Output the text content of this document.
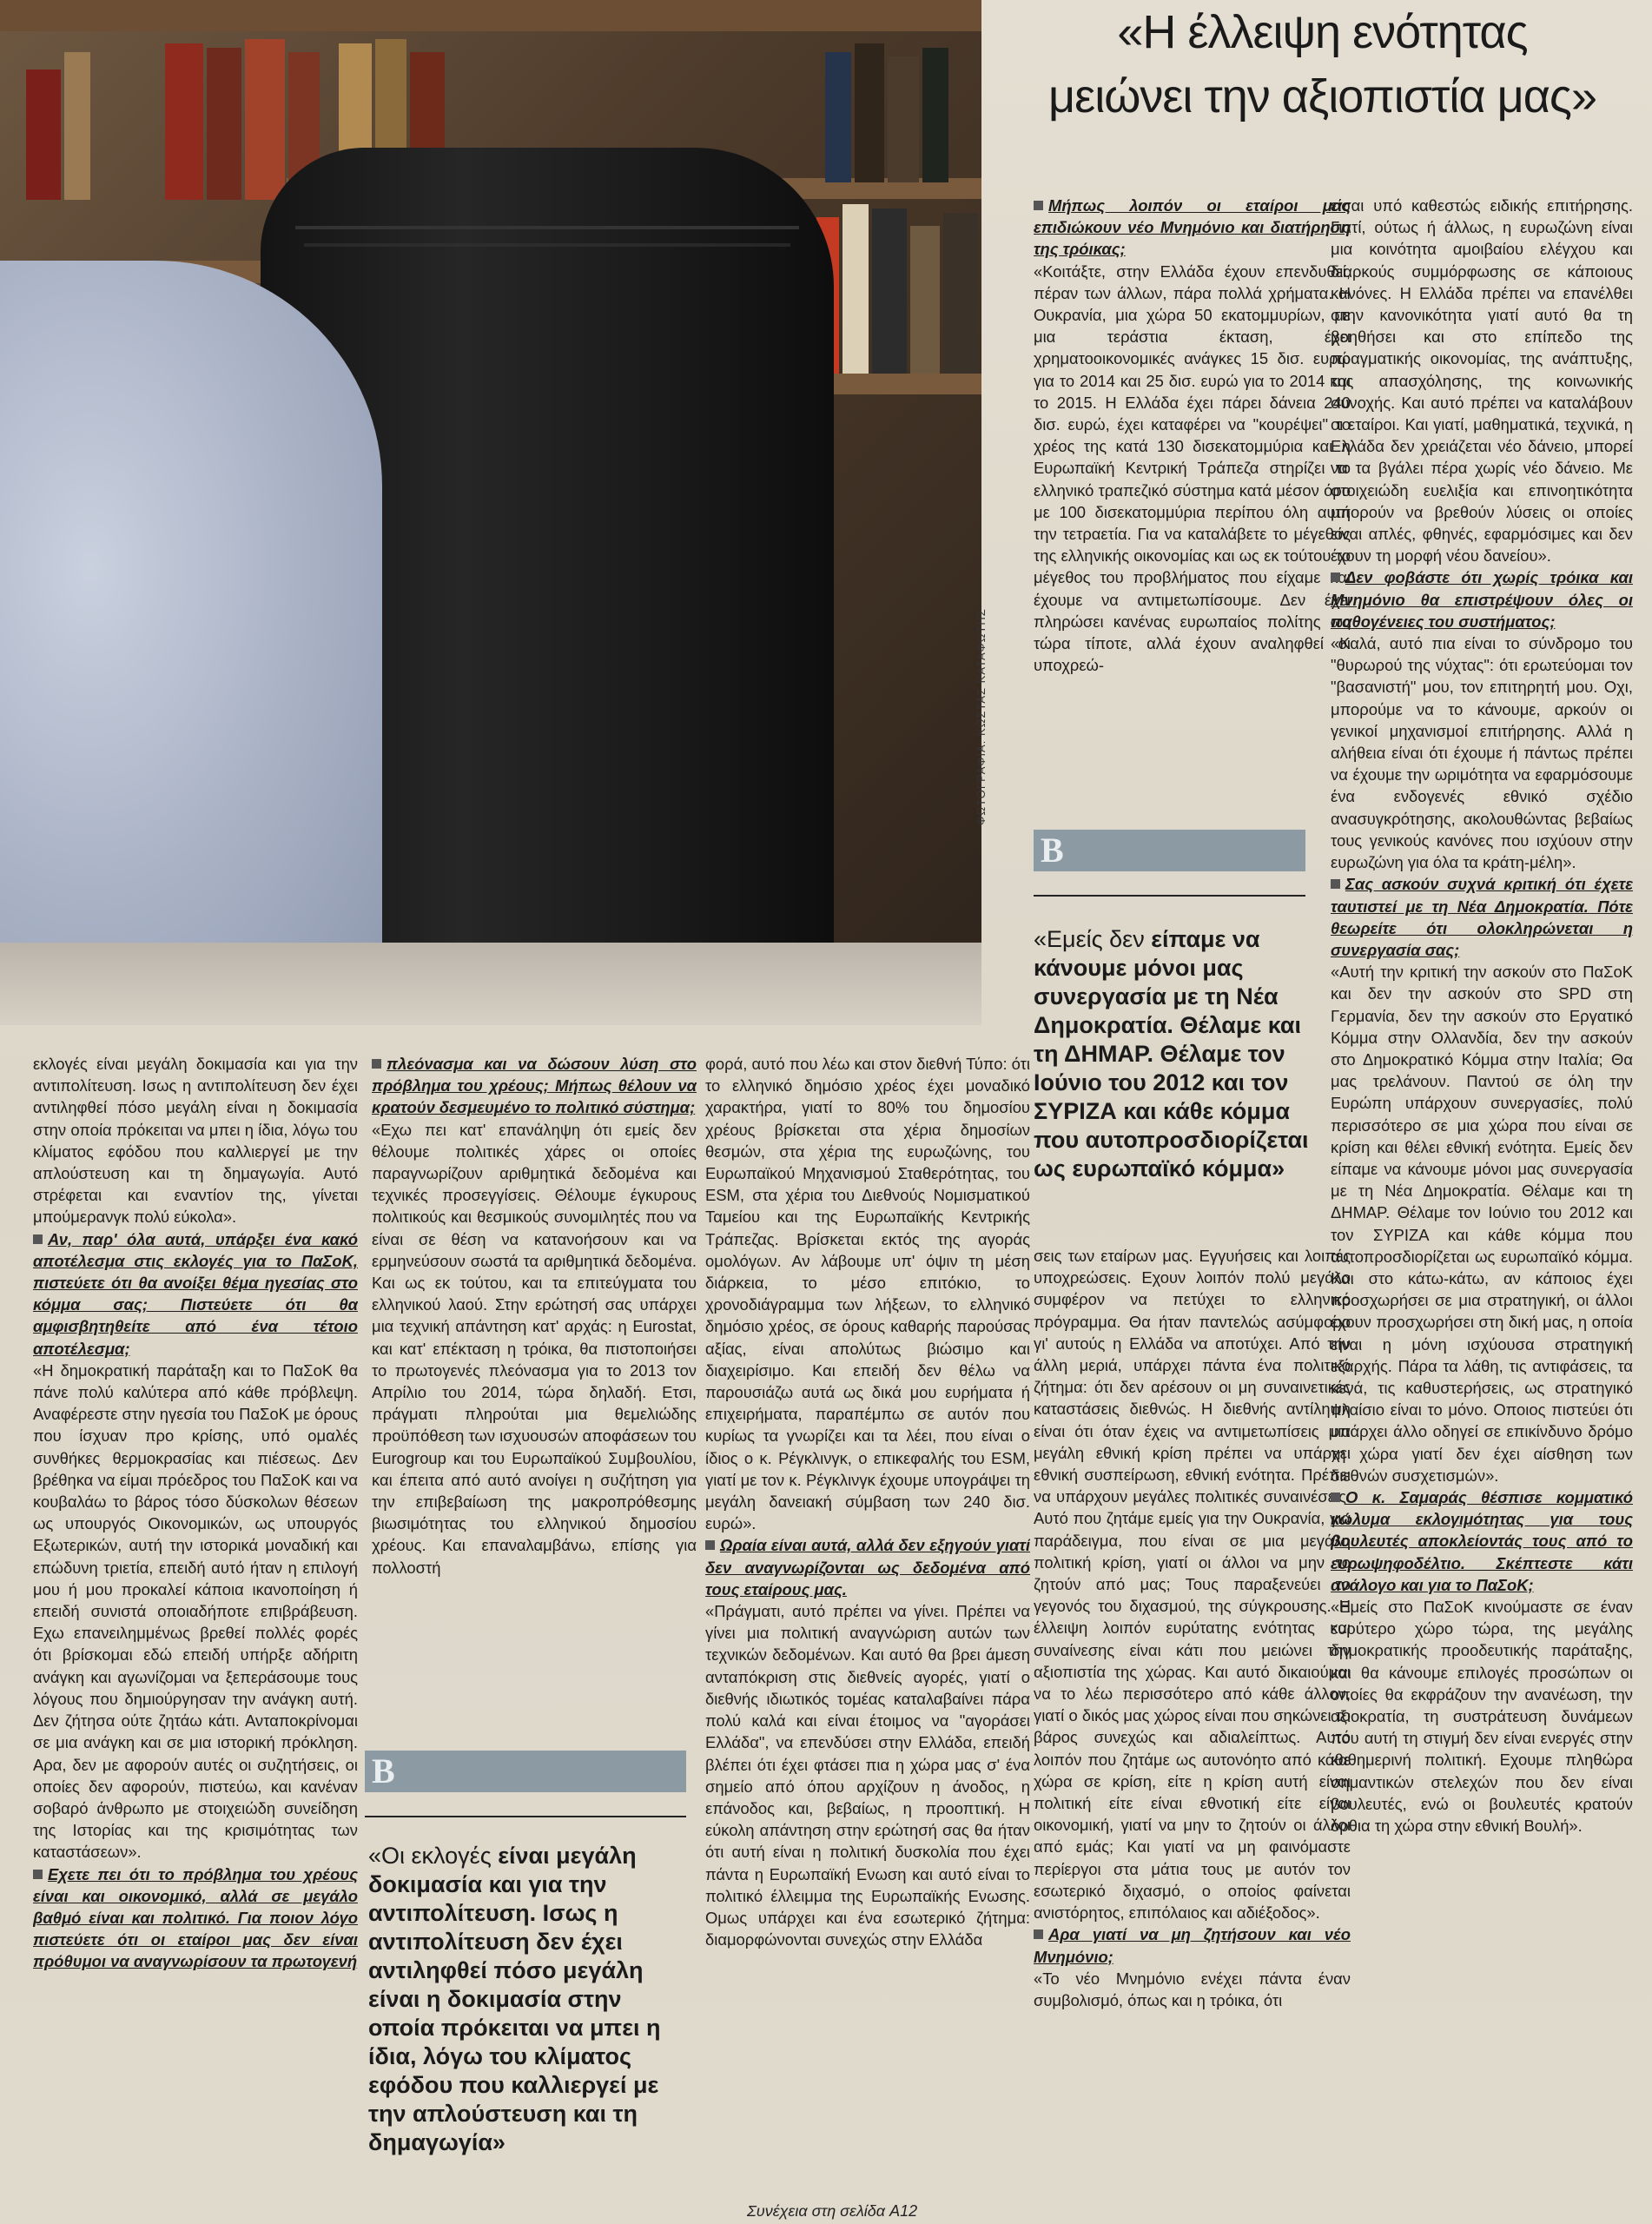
ΦΩΤΟΓΡΑΦΙΑ: ΚΩΣΤΑΣ ΚΑΤΑΦΩΤΗΣ
«Η έλλειψη ενότητας
μειώνει την αξιοπιστία μας»

εκλογές είναι μεγάλη δοκιμασία και για την αντιπολίτευση. Ισως η αντιπολίτευση δεν έχει αντιληφθεί πόσο μεγάλη είναι η δοκιμασία στην οποία πρόκειται να μπει η ίδια, λόγω του κλίματος εφόδου που καλλιεργεί με την απλούστευση και τη δημαγωγία. Αυτό στρέφεται και εναντίον της, γίνεται μπούμερανγκ πολύ εύκολα».

Αν, παρ' όλα αυτά, υπάρξει ένα κακό αποτέλεσμα στις εκλογές για το ΠαΣοΚ, πιστεύετε ότι θα ανοίξει θέμα ηγεσίας στο κόμμα σας; Πιστεύετε ότι θα αμφισβητηθείτε από ένα τέτοιο αποτέλεσμα;

«Η δημοκρατική παράταξη και το ΠαΣοΚ θα πάνε πολύ καλύτερα από κάθε πρόβλεψη. Αναφέρεστε στην ηγεσία του ΠαΣοΚ με όρους που ίσχυαν προ κρίσης, υπό ομαλές συνθήκες θερμοκρασίας και πιέσεως. Δεν βρέθηκα να είμαι πρόεδρος του ΠαΣοΚ και να κουβαλάω το βάρος τόσο δύσκολων θέσεων ως υπουργός Οικονομικών, ως υπουργός Εξωτερικών, αυτή την ιστορικά μοναδική και επώδυνη τριετία, επειδή αυτό ήταν η επιλογή μου ή μου προκαλεί κάποια ικανοποίηση ή επειδή συνιστά οποιαδήποτε επιβράβευση. Εχω επανειλημμένως βρεθεί πολλές φορές ότι βρίσκομαι εδώ επειδή υπήρξε αδήριτη ανάγκη και αγωνίζομαι να ξεπεράσουμε τους λόγους που δημιούργησαν την ανάγκη αυτή. Δεν ζήτησα ούτε ζητάω κάτι. Ανταποκρίνομαι σε μια ανάγκη και σε μια ιστορική πρόκληση. Αρα, δεν με αφορούν αυτές οι συζητήσεις, οι οποίες δεν αφορούν, πιστεύω, και κανέναν σοβαρό άνθρωπο με στοιχειώδη συνείδηση της Ιστορίας και της κρισιμότητας των καταστάσεων».

Εχετε πει ότι το πρόβλημα του χρέους είναι και οικονομικό, αλλά σε μεγάλο βαθμό είναι και πολιτικό. Για ποιον λόγο πιστεύετε ότι οι εταίροι μας δεν είναι πρόθυμοι να αναγνωρίσουν τα πρωτογενή

πλεόνασμα και να δώσουν λύση στο πρόβλημα του χρέους; Μήπως θέλουν να κρατούν δεσμευμένο το πολιτικό σύστημα;

«Εχω πει κατ' επανάληψη ότι εμείς δεν θέλουμε πολιτικές χάρες οι οποίες παραγνωρίζουν αριθμητικά δεδομένα και τεχνικές προσεγγίσεις. Θέλουμε έγκυρους πολιτικούς και θεσμικούς συνομιλητές που να είναι σε θέση να κατανοήσουν και να ερμηνεύσουν σωστά τα αριθμητικά δεδομένα. Και ως εκ τούτου, και τα επιτεύγματα του ελληνικού λαού. Στην ερώτησή σας υπάρχει μια τεχνική απάντηση κατ' αρχάς: η Eurostat, και κατ' επέκταση η τρόικα, θα πιστοποιήσει το πρωτογενές πλεόνασμα για το 2013 τον Απρίλιο του 2014, τώρα δηλαδή. Ετσι, πράγματι πληρούται μια θεμελιώδης προϋπόθεση των ισχυουσών αποφάσεων του Eurogroup και του Ευρωπαϊκού Συμβουλίου, και έπειτα από αυτό ανοίγει η συζήτηση για την επιβεβαίωση της μακροπρόθεσμης βιωσιμότητας του ελληνικού δημοσίου χρέους. Και επαναλαμβάνω, επίσης για πολλοστή

φορά, αυτό που λέω και στον διεθνή Τύπο: ότι το ελληνικό δημόσιο χρέος έχει μοναδικό χαρακτήρα, γιατί το 80% του δημοσίου χρέους βρίσκεται στα χέρια δημοσίων θεσμών, στα χέρια της ευρωζώνης, του Ευρωπαϊκού Μηχανισμού Σταθερότητας, του ESM, στα χέρια του Διεθνούς Νομισματικού Ταμείου και της Ευρωπαϊκής Κεντρικής Τράπεζας. Βρίσκεται εκτός της αγοράς ομολόγων. Αν λάβουμε υπ' όψιν τη μέση διάρκεια, το μέσο επιτόκιο, το χρονοδιάγραμμα των λήξεων, το ελληνικό δημόσιο χρέος, σε όρους καθαρής παρούσας αξίας, είναι απολύτως βιώσιμο και διαχειρίσιμο. Και επειδή δεν θέλω να παρουσιάζω αυτά ως δικά μου ευρήματα ή επιχειρήματα, παραπέμπω σε αυτόν που κυρίως τα γνωρίζει και τα λέει, που είναι ο ίδιος ο κ. Ρέγκλινγκ, ο επικεφαλής του ESM, γιατί με τον κ. Ρέγκλινγκ έχουμε υπογράψει τη μεγάλη δανειακή σύμβαση των 240 δισ. ευρώ».

Ωραία είναι αυτά, αλλά δεν εξηγούν γιατί δεν αναγνωρίζονται ως δεδομένα από τους εταίρους μας.

«Πράγματι, αυτό πρέπει να γίνει. Πρέπει να γίνει μια πολιτική αναγνώριση αυτών των τεχνικών δεδομένων. Και αυτό θα βρει άμεση ανταπόκριση στις διεθνείς αγορές, γιατί ο διεθνής ιδιωτικός τομέας καταλαβαίνει πάρα πολύ καλά και είναι έτοιμος να "αγοράσει Ελλάδα", να επενδύσει στην Ελλάδα, επειδή βλέπει ότι έχει φτάσει πια η χώρα μας σ' ένα σημείο από όπου αρχίζουν η άνοδος, η επάνοδος και, βεβαίως, η προοπτική. Η εύκολη απάντηση στην ερώτησή σας θα ήταν ότι αυτή είναι η πολιτική δυσκολία που έχει πάντα η Ευρωπαϊκή Ενωση και αυτό είναι το πολιτικό έλλειμμα της Ευρωπαϊκής Ενωσης. Ομως υπάρχει και ένα εσωτερικό ζήτημα: διαμορφώνονται συνεχώς στην Ελλάδα

Μήπως λοιπόν οι εταίροι μας επιδιώκουν νέο Μνημόνιο και διατήρηση της τρόικας;

«Κοιτάξτε, στην Ελλάδα έχουν επενδυθεί, πέραν των άλλων, πάρα πολλά χρήματα. Η Ουκρανία, μια χώρα 50 εκατομμυρίων, με μια τεράστια έκταση, έχει χρηματοοικονομικές ανάγκες 15 δισ. ευρώ για το 2014 και 25 δισ. ευρώ για το 2014 και το 2015. Η Ελλάδα έχει πάρει δάνεια 240 δισ. ευρώ, έχει καταφέρει να "κουρέψει" το χρέος της κατά 130 δισεκατομμύρια και η Ευρωπαϊκή Κεντρική Τράπεζα στηρίζει το ελληνικό τραπεζικό σύστημα κατά μέσον όρο με 100 δισεκατομμύρια περίπου όλη αυτή την τετραετία. Για να καταλάβετε το μέγεθος της ελληνικής οικονομίας και ως εκ τούτου το μέγεθος του προβλήματος που είχαμε και έχουμε να αντιμετωπίσουμε. Δεν έχει πληρώσει κανένας ευρωπαίος πολίτης ως τώρα τίποτε, αλλά έχουν αναληφθεί οι υποχρεώ-

σεις των εταίρων μας. Εγγυήσεις και λοιπές υποχρεώσεις. Εχουν λοιπόν πολύ μεγάλο συμφέρον να πετύχει το ελληνικό πρόγραμμα. Θα ήταν παντελώς ασύμφορο γι' αυτούς η Ελλάδα να αποτύχει. Από την άλλη μεριά, υπάρχει πάντα ένα πολιτικό ζήτημα: ότι δεν αρέσουν οι μη συναινετικές καταστάσεις διεθνώς. Η διεθνής αντίληψη είναι ότι όταν έχεις να αντιμετωπίσεις μια μεγάλη εθνική κρίση πρέπει να υπάρχει εθνική συσπείρωση, εθνική ενότητα. Πρέπει να υπάρχουν μεγάλες πολιτικές συναινέσεις. Αυτό που ζητάμε εμείς για την Ουκρανία, για παράδειγμα, που είναι σε μια μεγάλη πολιτική κρίση, γιατί οι άλλοι να μην το ζητούν από μας; Τους παραξενεύει το γεγονός του διχασμού, της σύγκρουσης. Η έλλειψη λοιπόν ευρύτατης ενότητας και συναίνεσης είναι κάτι που μειώνει την αξιοπιστία της χώρας. Και αυτό δικαιούμαι να το λέω περισσότερο από κάθε άλλον, γιατί ο δικός μας χώρος είναι που σηκώνει το βάρος συνεχώς και αδιαλείπτως. Αυτό λοιπόν που ζητάμε ως αυτονόητο από κάθε χώρα σε κρίση, είτε η κρίση αυτή είναι πολιτική είτε είναι εθνοτική είτε είναι οικονομική, γιατί να μην το ζητούν οι άλλοι από εμάς; Και γιατί να μη φαινόμαστε περίεργοι στα μάτια τους με αυτόν τον εσωτερικό διχασμό, ο οποίος φαίνεται ανιστόρητος, επιπόλαιος και αδιέξοδος».

Αρα γιατί να μη ζητήσουν και νέο Μνημόνιο;

«Το νέο Μνημόνιο ενέχει πάντα έναν συμβολισμό, όπως και η τρόικα, ότι

είσαι υπό καθεστώς ειδικής επιτήρησης. Γιατί, ούτως ή άλλως, η ευρωζώνη είναι μια κοινότητα αμοιβαίου ελέγχου και διαρκούς συμμόρφωσης σε κάποιους κανόνες. Η Ελλάδα πρέπει να επανέλθει στην κανονικότητα γιατί αυτό θα τη βοηθήσει και στο επίπεδο της πραγματικής οικονομίας, της ανάπτυξης, της απασχόλησης, της κοινωνικής συνοχής. Και αυτό πρέπει να καταλάβουν οι εταίροι. Και γιατί, μαθηματικά, τεχνικά, η Ελλάδα δεν χρειάζεται νέο δάνειο, μπορεί να τα βγάλει πέρα χωρίς νέο δάνειο. Με στοιχειώδη ευελιξία και επινοητικότητα μπορούν να βρεθούν λύσεις οι οποίες είναι απλές, φθηνές, εφαρμόσιμες και δεν έχουν τη μορφή νέου δανείου».

Δεν φοβάστε ότι χωρίς τρόικα και Μνημόνιο θα επιστρέψουν όλες οι παθογένειες του συστήματος;

«Καλά, αυτό πια είναι το σύνδρομο του "θυρωρού της νύχτας": ότι ερωτεύομαι τον "βασανιστή" μου, τον επιτηρητή μου. Οχι, μπορούμε να το κάνουμε, αρκούν οι γενικοί μηχανισμοί επιτήρησης. Αλλά η αλήθεια είναι ότι έχουμε ή πάντως πρέπει να έχουμε την ωριμότητα να εφαρμόσουμε ένα ενδογενές εθνικό σχέδιο ανασυγκρότησης, ακολουθώντας βεβαίως τους γενικούς κανόνες που ισχύουν στην ευρωζώνη για όλα τα κράτη-μέλη».

Σας ασκούν συχνά κριτική ότι έχετε ταυτιστεί με τη Νέα Δημοκρατία. Πότε θεωρείτε ότι ολοκληρώνεται η συνεργασία σας;

«Αυτή την κριτική την ασκούν στο ΠαΣοΚ και δεν την ασκούν στο SPD στη Γερμανία, δεν την ασκούν στο Εργατικό Κόμμα στην Ολλανδία, δεν την ασκούν στο Δημοκρατικό Κόμμα στην Ιταλία; Θα μας τρελάνουν. Παντού σε όλη την Ευρώπη υπάρχουν συνεργασίες, πολύ περισσότερο σε μια χώρα που είναι σε κρίση και θέλει εθνική ενότητα. Εμείς δεν είπαμε να κάνουμε μόνοι μας συνεργασία με τη Νέα Δημοκρατία. Θέλαμε και τη ΔΗΜΑΡ. Θέλαμε τον Ιούνιο του 2012 και τον ΣΥΡΙΖΑ και κάθε κόμμα που αυτοπροσδιορίζεται ως ευρωπαϊκό κόμμα. Και στο κάτω-κάτω, αν κάποιος έχει προσχωρήσει σε μια στρατηγική, οι άλλοι έχουν προσχωρήσει στη δική μας, η οποία είναι η μόνη ισχύουσα στρατηγική εξαρχής. Πάρα τα λάθη, τις αντιφάσεις, τα κενά, τις καθυστερήσεις, ως στρατηγικό πλαίσιο είναι το μόνο. Οποιος πιστεύει ότι υπάρχει άλλο οδηγεί σε επικίνδυνο δρόμο τη χώρα γιατί δεν έχει αίσθηση των διεθνών συσχετισμών».

Ο κ. Σαμαράς θέσπισε κομματικό κώλυμα εκλογιμότητας για τους βουλευτές αποκλείοντάς τους από το ευρωψηφοδέλτιο. Σκέπτεστε κάτι ανάλογο και για το ΠαΣοΚ;

«Εμείς στο ΠαΣοΚ κινούμαστε σε έναν ευρύτερο χώρο τώρα, της μεγάλης δημοκρατικής προοδευτικής παράταξης, και θα κάνουμε επιλογές προσώπων οι οποίες θα εκφράζουν την ανανέωση, την αξιοκρατία, τη συστράτευση δυνάμεων που αυτή τη στιγμή δεν είναι ενεργές στην καθημερινή πολιτική. Εχουμε πληθώρα σημαντικών στελεχών που δεν είναι βουλευτές, ενώ οι βουλευτές κρατούν όρθια τη χώρα στην εθνική Βουλή».

B
«Εμείς δεν είπαμε να κάνουμε μόνοι μας συνεργασία με τη Νέα Δημοκρατία. Θέλαμε και τη ΔΗΜΑΡ. Θέλαμε τον Ιούνιο του 2012 και τον ΣΥΡΙΖΑ και κάθε κόμμα που αυτοπροσδιορίζεται ως ευρωπαϊκό κόμμα»
B
«Οι εκλογές είναι μεγάλη δοκιμασία και για την αντιπολίτευση. Ισως η αντιπολίτευση δεν έχει αντιληφθεί πόσο μεγάλη είναι η δοκιμασία στην οποία πρόκειται να μπει η ίδια, λόγω του κλίματος εφόδου που καλλιεργεί με την απλούστευση και τη δημαγωγία»
Συνέχεια στη σελίδα A12
